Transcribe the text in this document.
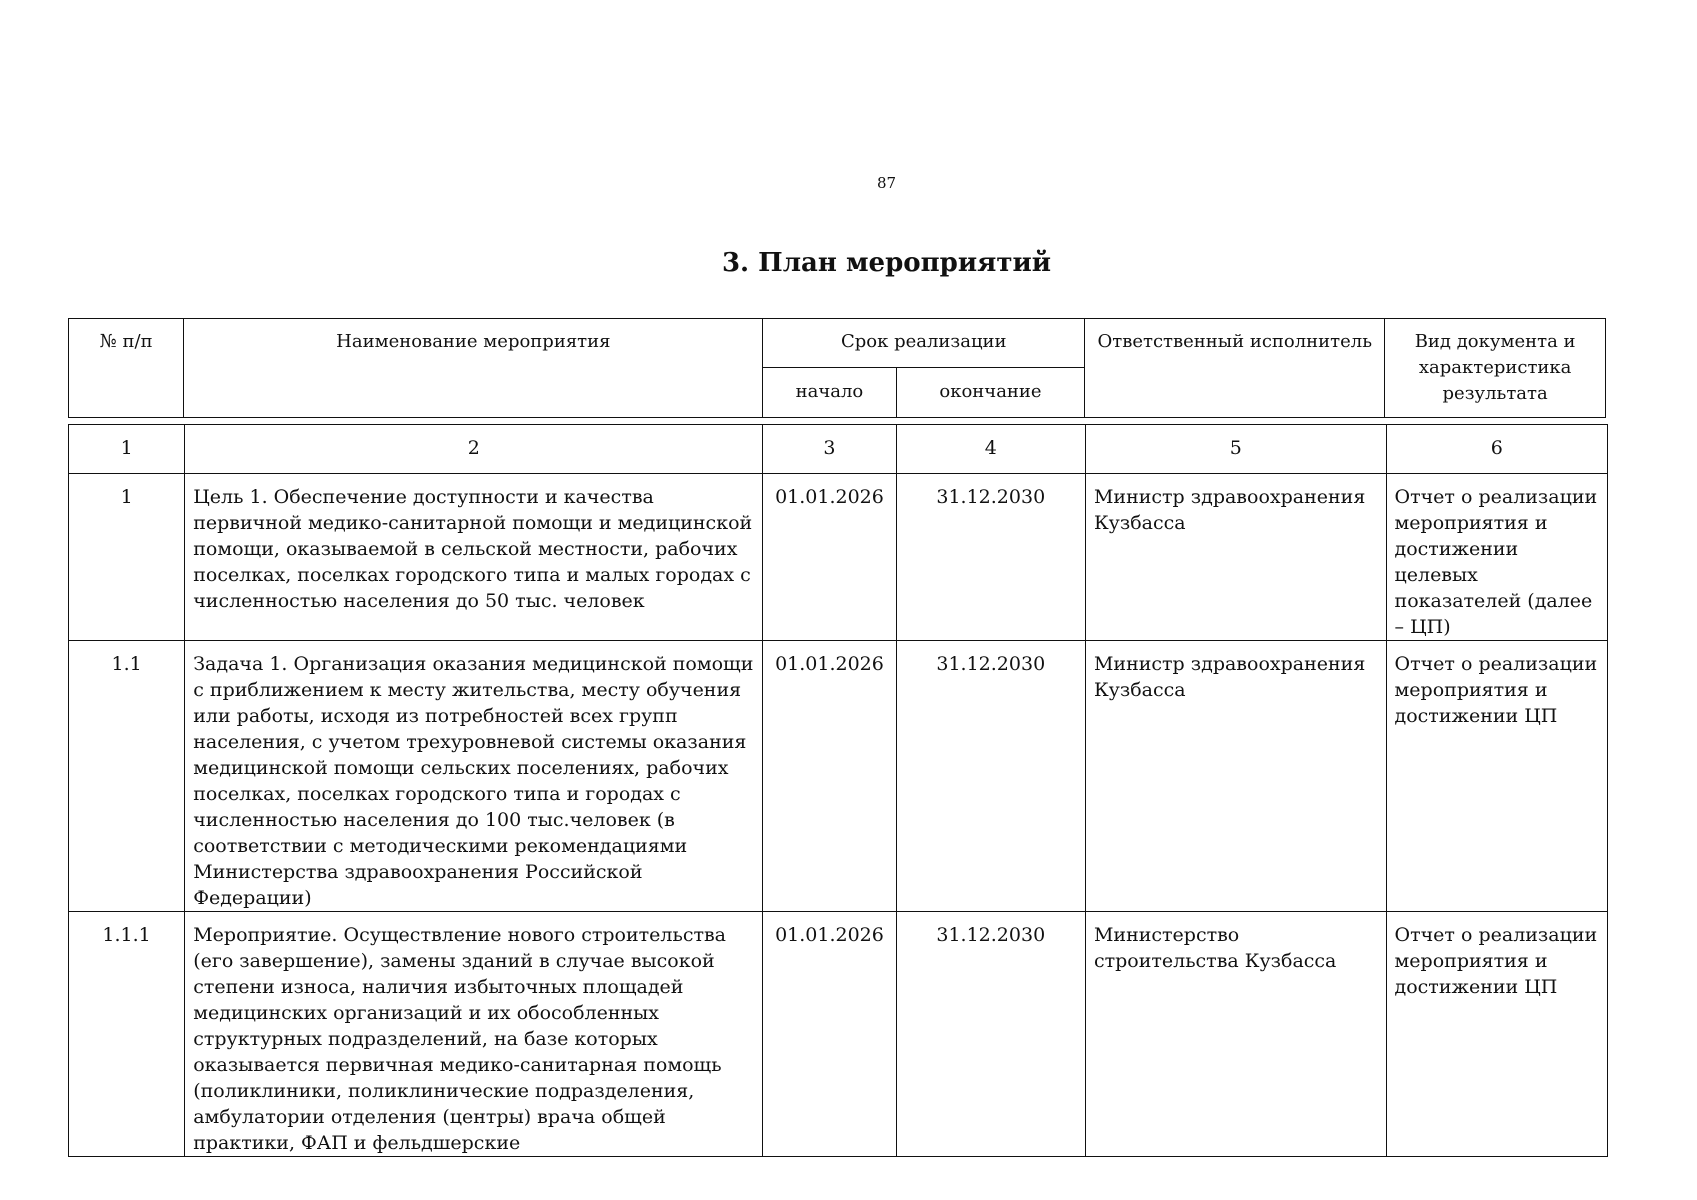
87
3. План мероприятий
№ п/п	Наименование мероприятия	Срок реализации		Ответственный исполнитель	Вид документа и характеристика результата
		начало	окончание		
1	2	3	4	5	6
1	Цель 1. Обеспечение доступности и качества первичной медико-санитарной помощи и медицинской помощи, оказываемой в сельской местности, рабочих поселках, поселках городского типа и малых городах с численностью населения до 50 тыс. человек	01.01.2026	31.12.2030	Министр здравоохранения Кузбасса	Отчет о реализации мероприятия и достижении целевых показателей (далее – ЦП)
1.1	Задача 1. Организация оказания медицинской помощи с приближением к месту жительства, месту обучения или работы, исходя из потребностей всех групп населения, с учетом трехуровневой системы оказания медицинской помощи сельских поселениях, рабочих поселках, поселках городского типа и городах с численностью населения до 100 тыс.человек (в соответствии с методическими рекомендациями Министерства здравоохранения Российской Федерации)	01.01.2026	31.12.2030	Министр здравоохранения Кузбасса	Отчет о реализации мероприятия и достижении ЦП
1.1.1	Мероприятие. Осуществление нового строительства (его завершение), замены зданий в случае высокой степени износа, наличия избыточных площадей медицинских организаций и их обособленных структурных подразделений, на базе которых оказывается первичная медико-санитарная помощь (поликлиники, поликлинические подразделения, амбулатории отделения (центры) врача общей практики, ФАП и фельдшерские	01.01.2026	31.12.2030	Министерство строительства Кузбасса	Отчет о реализации мероприятия и достижении ЦП
